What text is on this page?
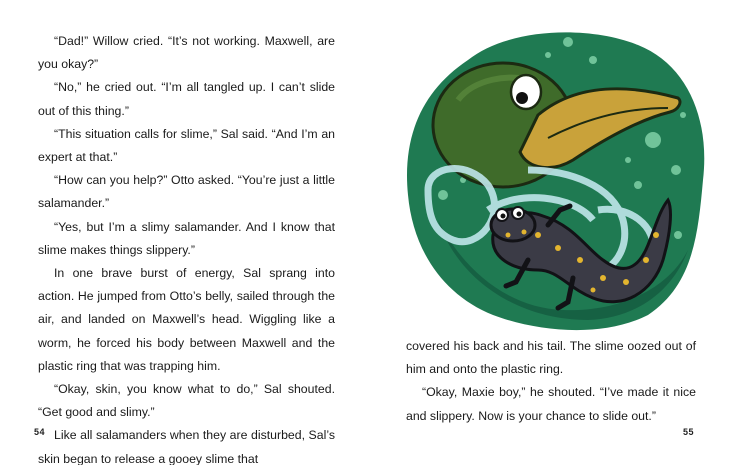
“Dad!” Willow cried. “It’s not working. Maxwell, are you okay?”

“No,” he cried out. “I’m all tangled up. I can’t slide out of this thing.”

“This situation calls for slime,” Sal said. “And I’m an expert at that.”

“How can you help?” Otto asked. “You’re just a little salamander.”

“Yes, but I’m a slimy salamander. And I know that slime makes things slippery.”

In one brave burst of energy, Sal sprang into action. He jumped from Otto’s belly, sailed through the air, and landed on Maxwell’s head. Wiggling like a worm, he forced his body between Maxwell and the plastic ring that was trapping him.

“Okay, skin, you know what to do,” Sal shouted. “Get good and slimy.”

Like all salamanders when they are disturbed, Sal’s skin began to release a gooey slime that

54

covered his back and his tail. The slime oozed out of him and onto the plastic ring.

“Okay, Maxie boy,” he shouted. “I’ve made it nice and slippery. Now is your chance to slide out.”

55
